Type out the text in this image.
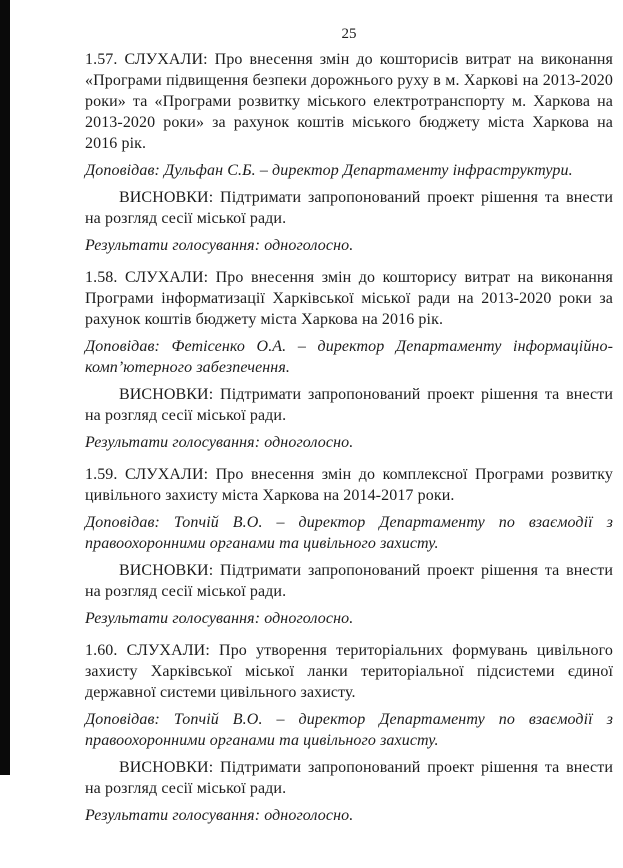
25

1.57. СЛУХАЛИ: Про внесення змін до кошторисів витрат на виконання «Програми підвищення безпеки дорожнього руху в м. Харкові на 2013-2020 роки» та «Програми розвитку міського електротранспорту м. Харкова на 2013-2020 роки» за рахунок коштів міського бюджету міста Харкова на 2016 рік.

Доповідав: Дульфан С.Б. – директор Департаменту інфраструктури.

ВИСНОВКИ: Підтримати запропонований проект рішення та внести на розгляд сесії міської ради.

Результати голосування: одноголосно.

1.58. СЛУХАЛИ: Про внесення змін до кошторису витрат на виконання Програми інформатизації Харківської міської ради на 2013-2020 роки за рахунок коштів бюджету міста Харкова на 2016 рік.

Доповідав: Фетісенко О.А. – директор Департаменту інформаційно-комп’ютерного забезпечення.

ВИСНОВКИ: Підтримати запропонований проект рішення та внести на розгляд сесії міської ради.

Результати голосування: одноголосно.

1.59. СЛУХАЛИ: Про внесення змін до комплексної Програми розвитку цивільного захисту міста Харкова на 2014-2017 роки.

Доповідав: Топчій В.О. – директор Департаменту по взаємодії з правоохоронними органами та цивільного захисту.

ВИСНОВКИ: Підтримати запропонований проект рішення та внести на розгляд сесії міської ради.

Результати голосування: одноголосно.

1.60. СЛУХАЛИ: Про утворення територіальних формувань цивільного захисту Харківської міської ланки територіальної підсистеми єдиної державної системи цивільного захисту.

Доповідав: Топчій В.О. – директор Департаменту по взаємодії з правоохоронними органами та цивільного захисту.

ВИСНОВКИ: Підтримати запропонований проект рішення та внести на розгляд сесії міської ради.

Результати голосування: одноголосно.
